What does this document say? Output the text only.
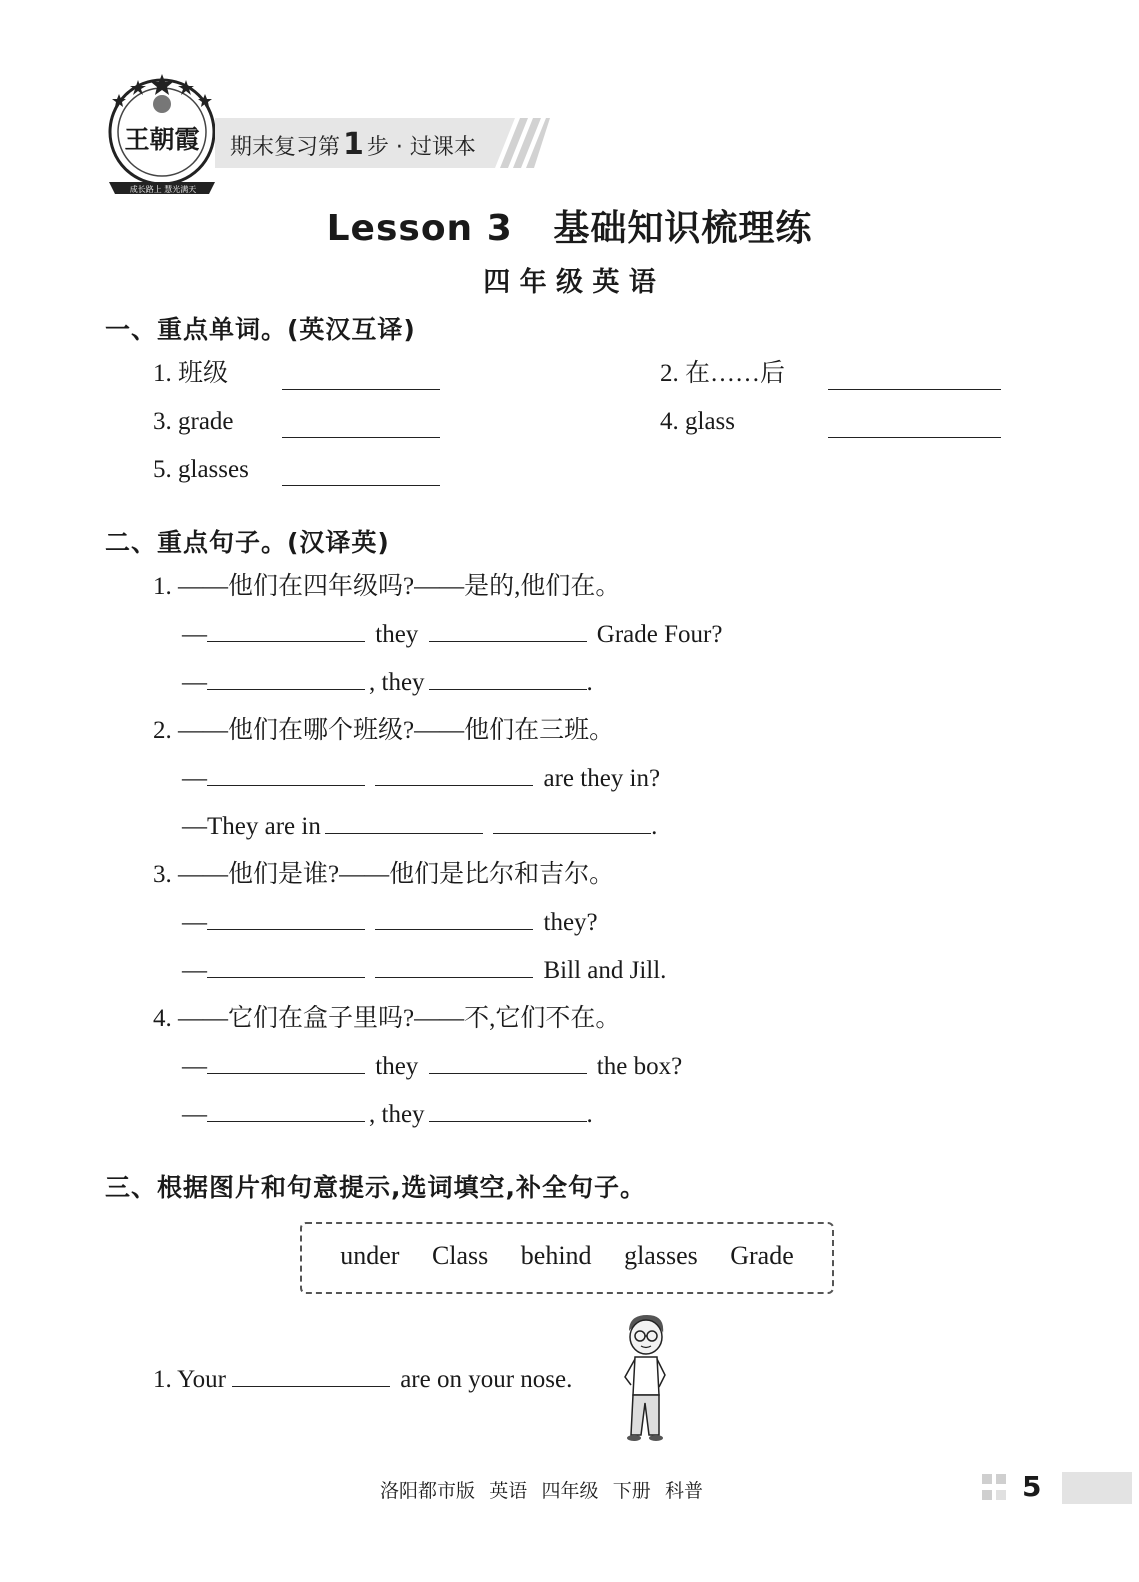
王朝霞
成长路上 慧光满天
期末复习第 1 步 · 过课本
Lesson 3   基础知识梳理练
四 年 级 英 语
一、重点单词。(英汉互译)
1. 班级	2. 在……后
3. grade	4. glass
5. glasses
二、重点句子。(汉译英)
1. ——他们在四年级吗?——是的,他们在。
—	they	Grade Four?
—	, they	.
2. ——他们在哪个班级?——他们在三班。
—	are they in?
—They are in	.
3. ——他们是谁?——他们是比尔和吉尔。
—	they?
—	Bill and Jill.
4. ——它们在盒子里吗?——不,它们不在。
—	they	the box?
—	, they	.
三、根据图片和句意提示,选词填空,补全句子。
under Class behind glasses Grade
1. Your	are on your nose.
洛阳都市版   英语   四年级   下册   科普	5
